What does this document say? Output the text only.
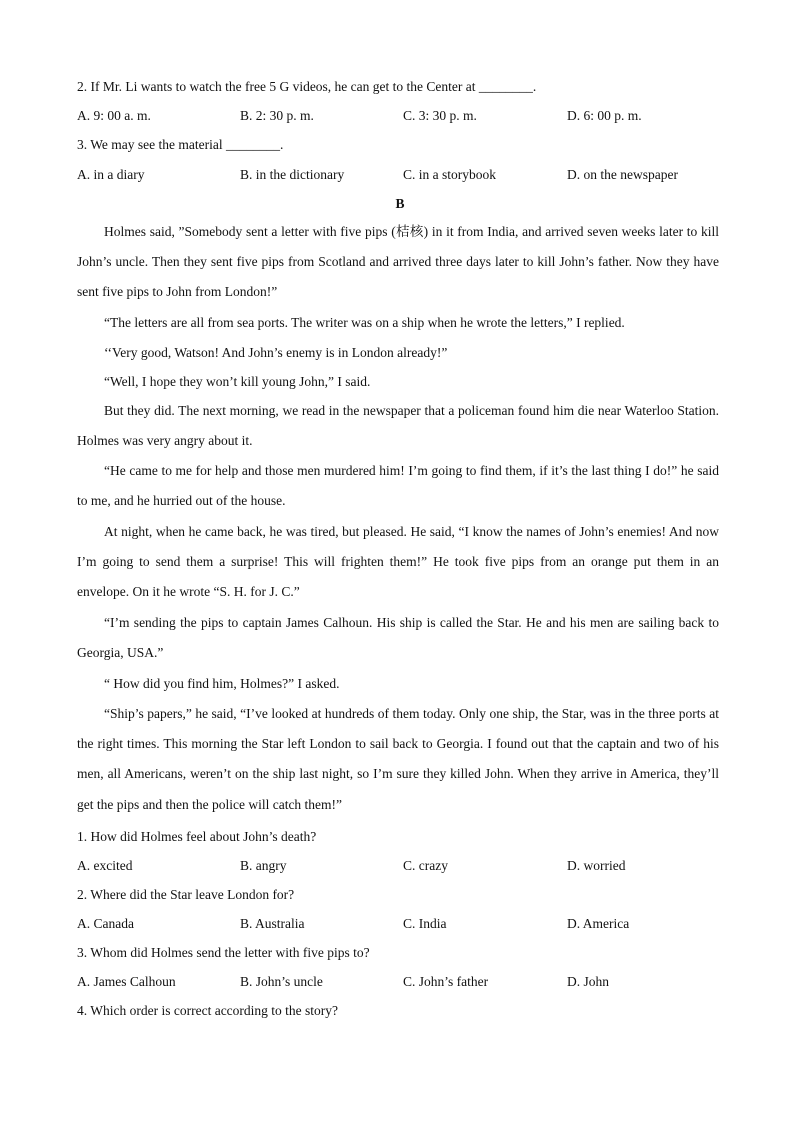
2. If Mr. Li wants to watch the free 5 G videos, he can get to the Center at ________.
A. 9: 00 a. m.	B. 2: 30 p. m.	C. 3: 30 p. m.	D. 6: 00 p. m.
3. We may see the material ________.
A. in a diary	B. in the dictionary	C. in a storybook	D. on the newspaper
B
Holmes said, ”Somebody sent a letter with five pips (桔核) in it from India, and arrived seven weeks later to kill John’s uncle. Then they sent five pips from Scotland and arrived three days later to kill John’s father. Now they have sent five pips to John from London!”
“The letters are all from sea ports. The writer was on a ship when he wrote the letters,” I replied.
‘‘Very good, Watson! And John’s enemy is in London already!”
“Well, I hope they won’t kill young John,” I said.
But they did. The next morning, we read in the newspaper that a policeman found him die near Waterloo Station. Holmes was very angry about it.
“He came to me for help and those men murdered him! I’m going to find them, if it’s the last thing I do!” he said to me, and he hurried out of the house.
At night, when he came back, he was tired, but pleased. He said, “I know the names of John’s enemies! And now I’m going to send them a surprise! This will frighten them!” He took five pips from an orange put them in an envelope. On it he wrote “S. H. for J. C.”
“I’m sending the pips to captain James Calhoun. His ship is called the Star. He and his men are sailing back to Georgia, USA.”
“ How did you find him, Holmes?” I asked.
“Ship’s papers,” he said, “I’ve looked at hundreds of them today. Only one ship, the Star, was in the three ports at the right times. This morning the Star left London to sail back to Georgia. I found out that the captain and two of his men, all Americans, weren’t on the ship last night, so I’m sure they killed John. When they arrive in America, they’ll get the pips and then the police will catch them!”
1. How did Holmes feel about John’s death?
A. excited	B. angry	C. crazy	D. worried
2. Where did the Star leave London for?
A. Canada	B. Australia	C. India	D. America
3. Whom did Holmes send the letter with five pips to?
A. James Calhoun	B. John’s uncle	C. John’s father	D. John
4. Which order is correct according to the story?
